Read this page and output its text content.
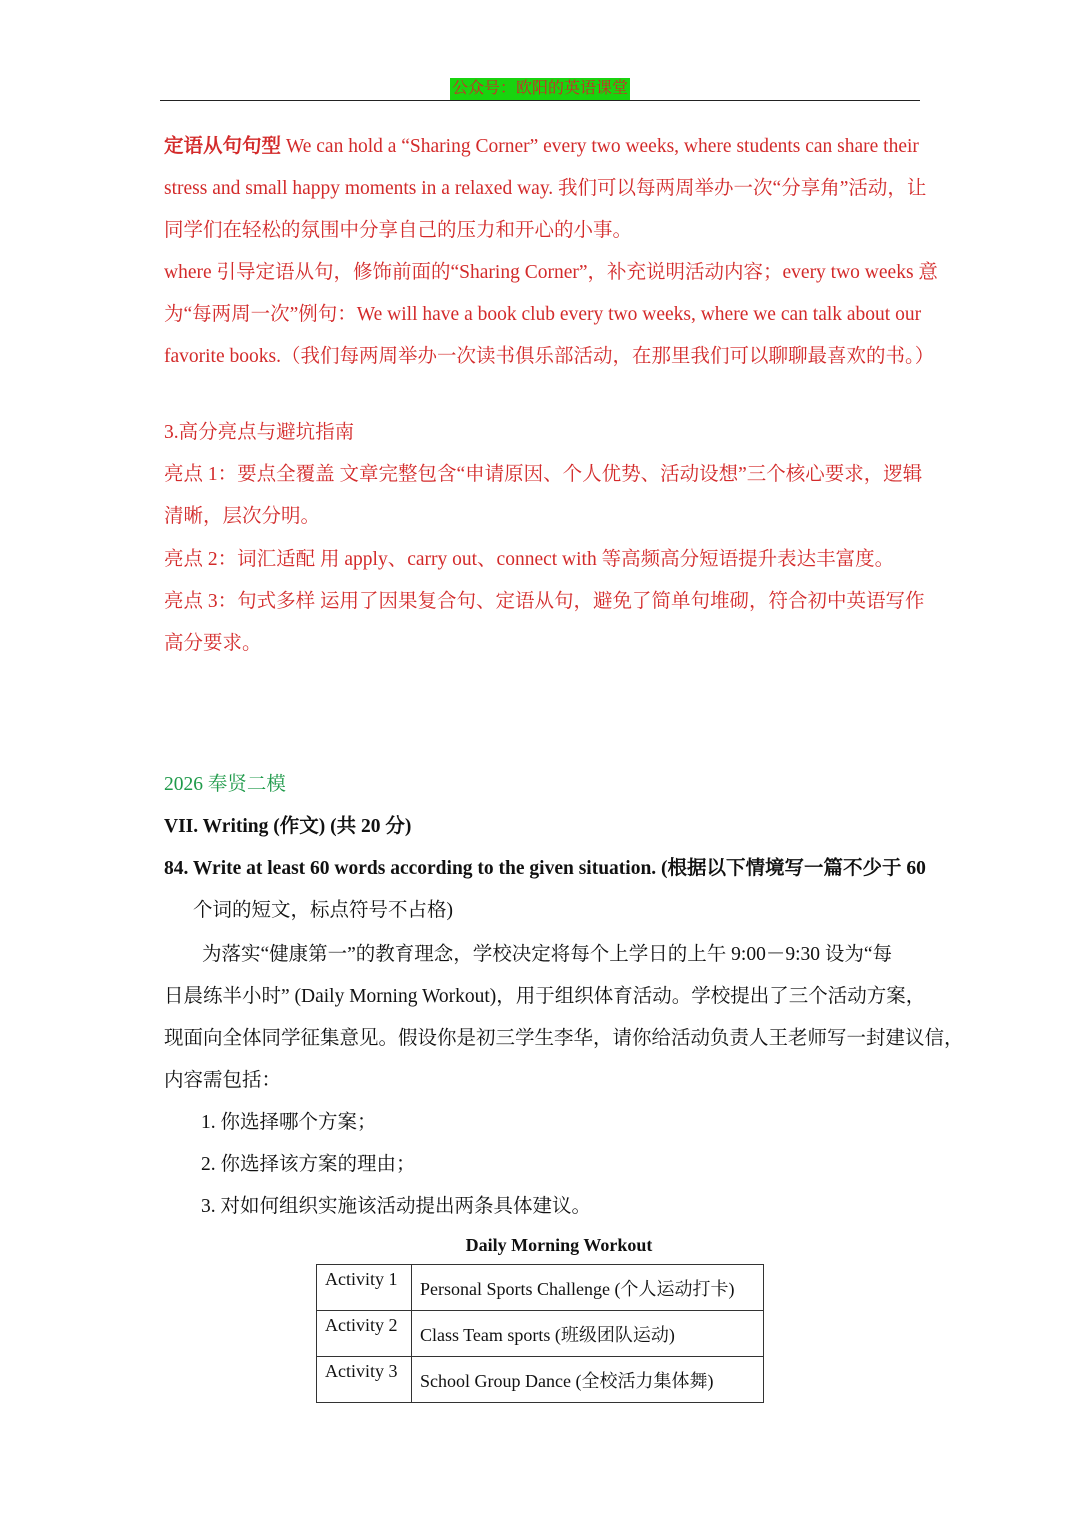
公众号：欧阳的英语课堂
定语从句句型 We can hold a “Sharing Corner” every two weeks, where students can share their
stress and small happy moments in a relaxed way. 我们可以每两周举办一次“分享角”活动，让
同学们在轻松的氛围中分享自己的压力和开心的小事。
where 引导定语从句，修饰前面的“Sharing Corner”，补充说明活动内容；every two weeks 意
为“每两周一次”例句：We will have a book club every two weeks, where we can talk about our
favorite books.（我们每两周举办一次读书俱乐部活动，在那里我们可以聊聊最喜欢的书。）
3.高分亮点与避坑指南
亮点 1：要点全覆盖 文章完整包含“申请原因、个人优势、活动设想”三个核心要求，逻辑
清晰，层次分明。
亮点 2：词汇适配 用 apply、carry out、connect with 等高频高分短语提升表达丰富度。
亮点 3：句式多样 运用了因果复合句、定语从句，避免了简单句堆砌，符合初中英语写作
高分要求。
2026 奉贤二模
VII. Writing (作文) (共 20 分)
84. Write at least 60 words according to the given situation. (根据以下情境写一篇不少于 60
个词的短文，标点符号不占格)
为落实“健康第一”的教育理念，学校决定将每个上学日的上午 9:00－9:30 设为“每
日晨练半小时” (Daily Morning Workout)，用于组织体育活动。学校提出了三个活动方案，
现面向全体同学征集意见。假设你是初三学生李华，请你给活动负责人王老师写一封建议信，
内容需包括：
1. 你选择哪个方案；
2. 你选择该方案的理由；
3. 对如何组织实施该活动提出两条具体建议。
Daily Morning Workout
Activity 1	Personal Sports Challenge (个人运动打卡)
Activity 2	Class Team sports (班级团队运动)
Activity 3	School Group Dance (全校活力集体舞)
